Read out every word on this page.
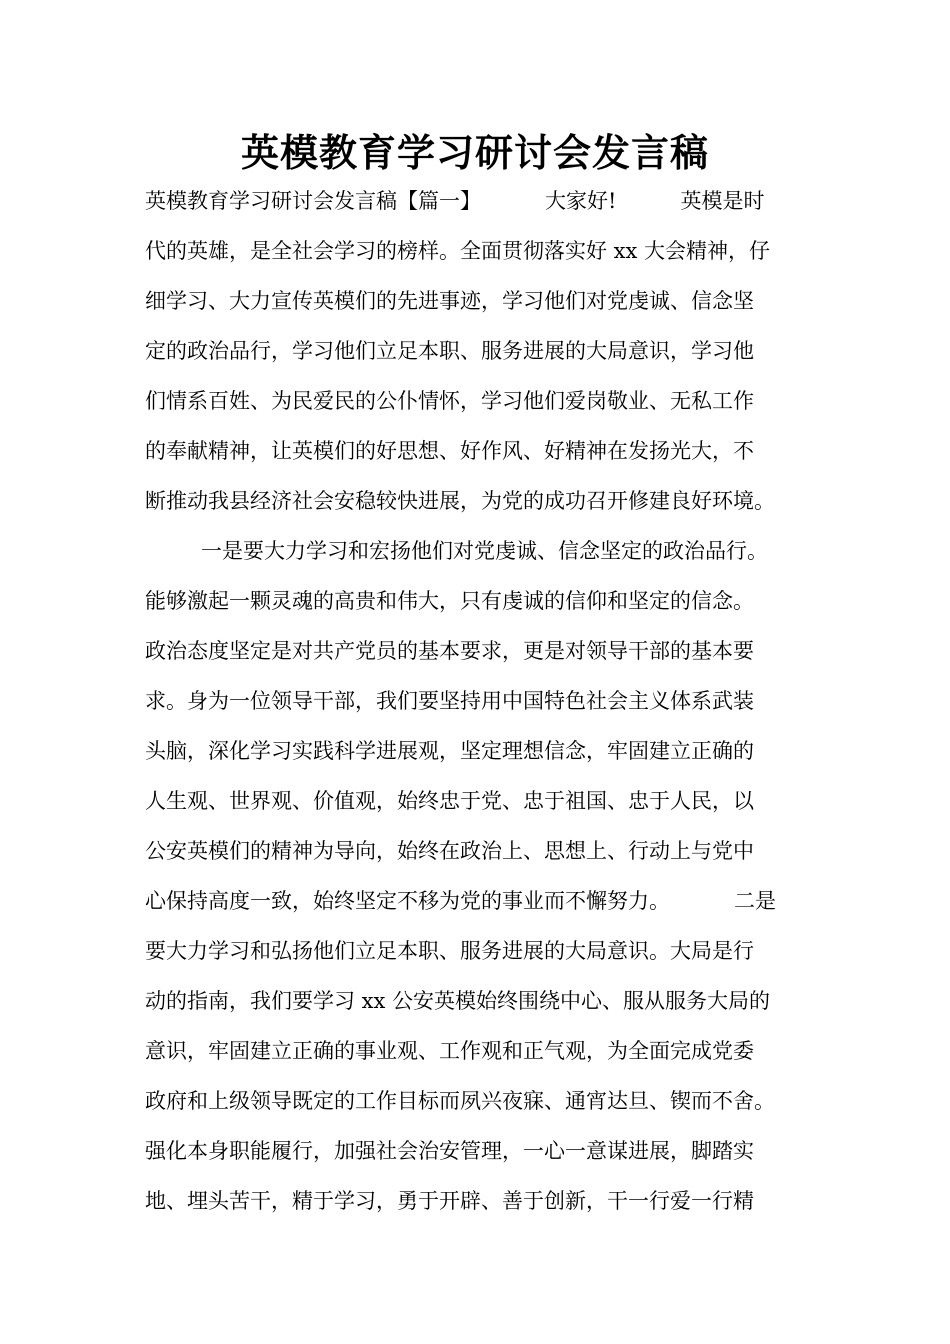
英模教育学习研讨会发言稿
英模教育学习研讨会发言稿【篇一】	大家好!	英模是时
代的英雄，是全社会学习的榜样。全面贯彻落实好 xx 大会精神，仔
细学习、大力宣传英模们的先进事迹，学习他们对党虔诚、信念坚
定的政治品行，学习他们立足本职、服务进展的大局意识，学习他
们情系百姓、为民爱民的公仆情怀，学习他们爱岗敬业、无私工作
的奉献精神，让英模们的好思想、好作风、好精神在发扬光大，不
断推动我县经济社会安稳较快进展，为党的成功召开修建良好环境。
一是要大力学习和宏扬他们对党虔诚、信念坚定的政治品行。
能够激起一颗灵魂的高贵和伟大，只有虔诚的信仰和坚定的信念。
政治态度坚定是对共产党员的基本要求，更是对领导干部的基本要
求。身为一位领导干部，我们要坚持用中国特色社会主义体系武装
头脑，深化学习实践科学进展观，坚定理想信念，牢固建立正确的
人生观、世界观、价值观，始终忠于党、忠于祖国、忠于人民，以
公安英模们的精神为导向，始终在政治上、思想上、行动上与党中
心保持高度一致，始终坚定不移为党的事业而不懈努力。	二是
要大力学习和弘扬他们立足本职、服务进展的大局意识。大局是行
动的指南，我们要学习 xx 公安英模始终围绕中心、服从服务大局的
意识，牢固建立正确的事业观、工作观和正气观，为全面完成党委
政府和上级领导既定的工作目标而夙兴夜寐、通宵达旦、锲而不舍。
强化本身职能履行，加强社会治安管理，一心一意谋进展，脚踏实
地、埋头苦干，精于学习，勇于开辟、善于创新，干一行爱一行精
